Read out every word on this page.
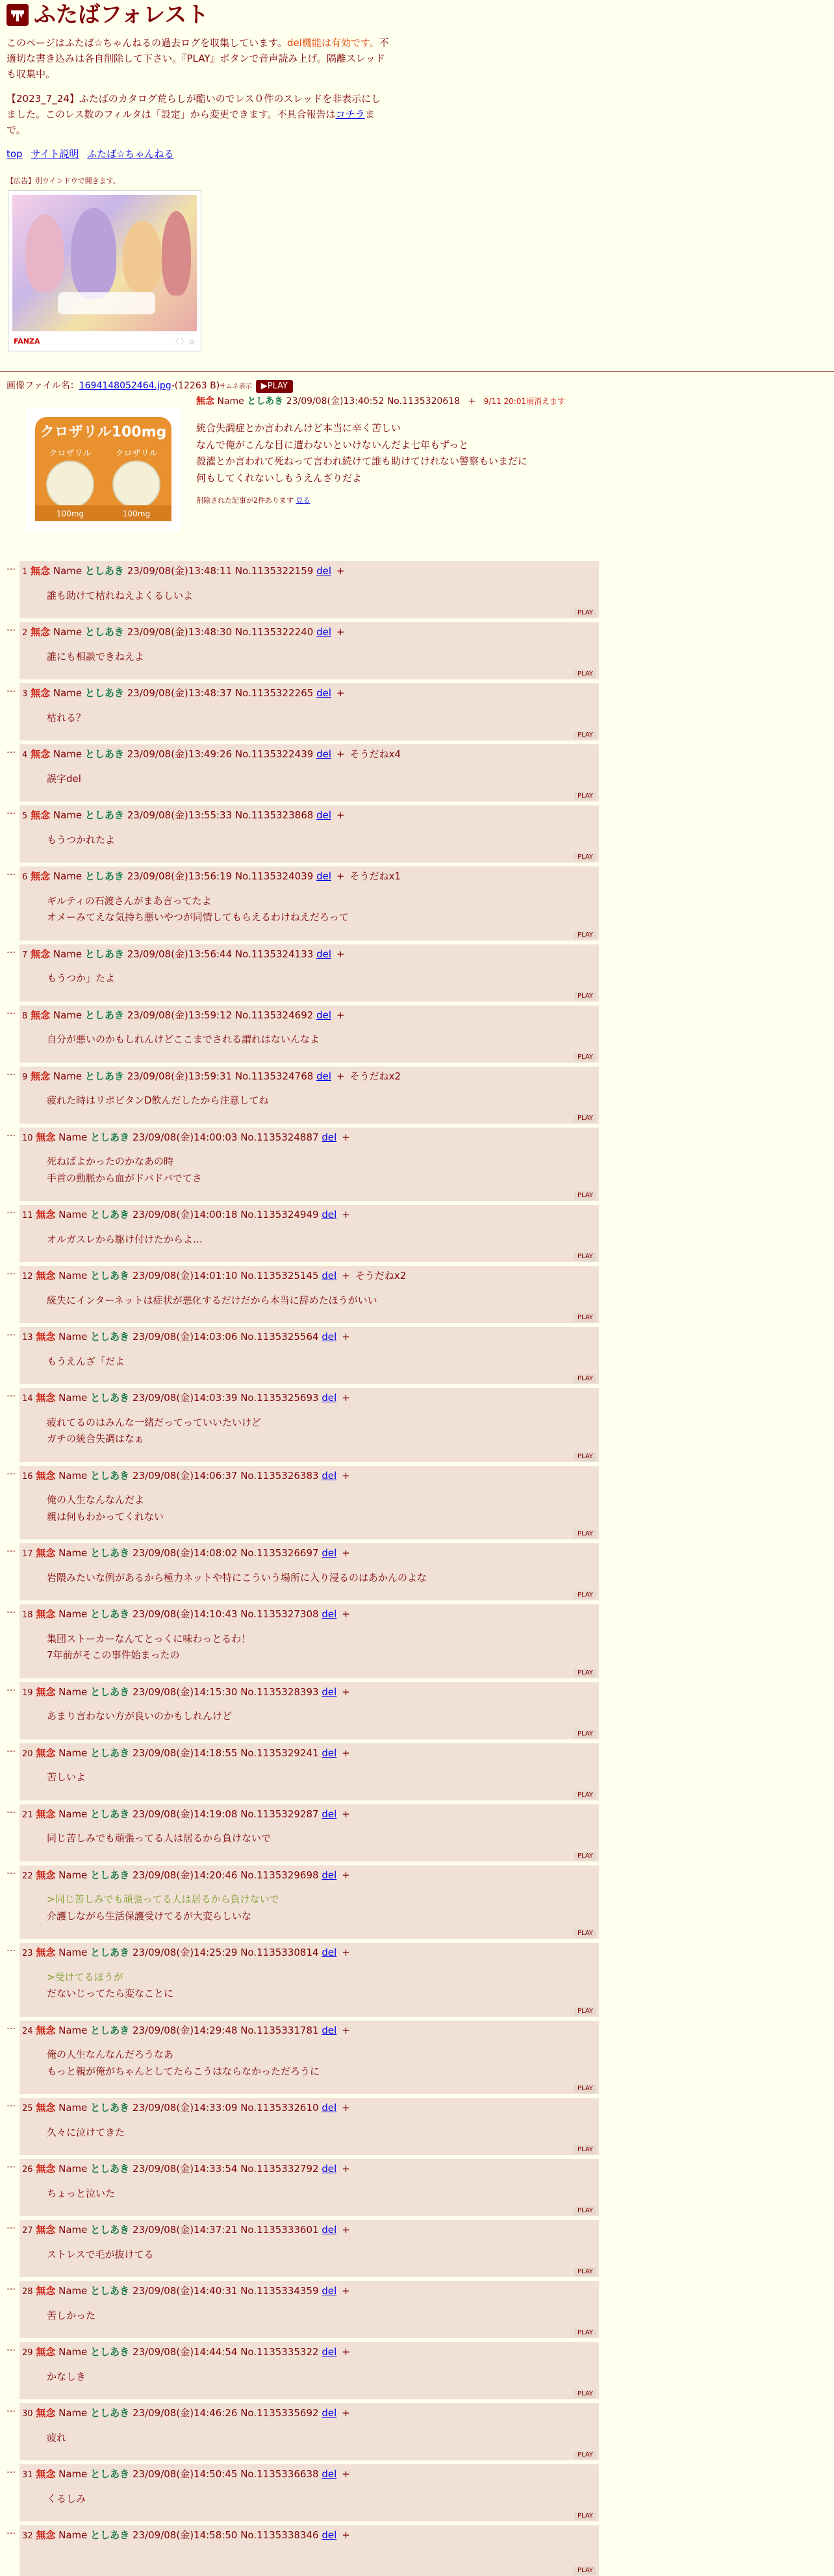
ふたばフォレスト
このページはふたば☆ちゃんねるの過去ログを収集しています。del機能は有効です。不適切な書き込みは各自削除して下さい。『PLAY』ボタンで音声読み上げ。隔離スレッドも収集中。
【2023_7_24】ふたばのカタログ荒らしが酷いのでレス０件のスレッドを非表示にしました。このレス数のフィルタは「設定」から変更できます。不具合報告はコチラまで。
top サイト説明 ふたば☆ちゃんねる
【広告】別ウインドウで開きます。
FANZA	〈 〉 ◇
画像ファイル名：1694148052464.jpg-(12263 B)サムネ表示 ▶PLAY
クロザリル100mg
クロザリル	クロザリル
100mg	100mg
無念 Name としあき 23/09/08(金)13:40:52 No.1135320618 + 9/11 20:01頃消えます
統合失調症とか言われんけど本当に辛く苦しい
なんで俺がこんな目に遭わないといけないんだよ七年もずっと
殺濯とか言われて死ねって言われ続けて誰も助けてけれない警察もいまだに
何もしてくれないしもうえんざりだよ
削除された記事が2件あります 見る
… 1 無念 Name としあき 23/09/08(金)13:48:11 No.1135322159 del +
誰も助けて枯れねえよくるしいよ
PLAY
… 2 無念 Name としあき 23/09/08(金)13:48:30 No.1135322240 del +
誰にも相談できねえよ
PLAY
… 3 無念 Name としあき 23/09/08(金)13:48:37 No.1135322265 del +
枯れる？
PLAY
… 4 無念 Name としあき 23/09/08(金)13:49:26 No.1135322439 del + そうだねx4
誤字del
PLAY
… 5 無念 Name としあき 23/09/08(金)13:55:33 No.1135323868 del +
もうつかれたよ
PLAY
… 6 無念 Name としあき 23/09/08(金)13:56:19 No.1135324039 del + そうだねx1
ギルティの石渡さんがまあ言ってたよ
オメーみてえな気持ち悪いやつが同情してもらえるわけねえだろって
PLAY
… 7 無念 Name としあき 23/09/08(金)13:56:44 No.1135324133 del +
もうつか」たよ
PLAY
… 8 無念 Name としあき 23/09/08(金)13:59:12 No.1135324692 del +
自分が悪いのかもしれんけどここまでされる謂れはないんなよ
PLAY
… 9 無念 Name としあき 23/09/08(金)13:59:31 No.1135324768 del + そうだねx2
疲れた時はリポビタンD飲んだしたから注意してね
PLAY
… 10 無念 Name としあき 23/09/08(金)14:00:03 No.1135324887 del +
死ねばよかったのかなあの時
手首の動脈から血がドバドバでてさ
PLAY
… 11 無念 Name としあき 23/09/08(金)14:00:18 No.1135324949 del +
オルガスレから駆け付けたからよ…
PLAY
… 12 無念 Name としあき 23/09/08(金)14:01:10 No.1135325145 del + そうだねx2
統失にインターネットは症状が悪化するだけだから本当に辞めたほうがいい
PLAY
… 13 無念 Name としあき 23/09/08(金)14:03:06 No.1135325564 del +
もうえんざ「だよ
PLAY
… 14 無念 Name としあき 23/09/08(金)14:03:39 No.1135325693 del +
疲れてるのはみんな一緒だってっていいたいけど
ガチの統合失調はなぁ
PLAY
… 16 無念 Name としあき 23/09/08(金)14:06:37 No.1135326383 del +
俺の人生なんなんだよ
親は何もわかってくれない
PLAY
… 17 無念 Name としあき 23/09/08(金)14:08:02 No.1135326697 del +
岩隈みたいな例があるから極力ネットや特にこういう場所に入り浸るのはあかんのよな
PLAY
… 18 無念 Name としあき 23/09/08(金)14:10:43 No.1135327308 del +
集団ストーカーなんてとっくに味わっとるわ！
7年前がそこの事件始まったの
PLAY
… 19 無念 Name としあき 23/09/08(金)14:15:30 No.1135328393 del +
あまり言わない方が良いのかもしれんけど
PLAY
… 20 無念 Name としあき 23/09/08(金)14:18:55 No.1135329241 del +
苦しいよ
PLAY
… 21 無念 Name としあき 23/09/08(金)14:19:08 No.1135329287 del +
同じ苦しみでも頑張ってる人は居るから負けないで
PLAY
… 22 無念 Name としあき 23/09/08(金)14:20:46 No.1135329698 del +
>同じ苦しみでも頑張ってる人は居るから負けないで
介護しながら生活保護受けてるが大変らしいな
PLAY
… 23 無念 Name としあき 23/09/08(金)14:25:29 No.1135330814 del +
>受けてるほうが
だないじってたら変なことに
PLAY
… 24 無念 Name としあき 23/09/08(金)14:29:48 No.1135331781 del +
俺の人生なんなんだろうなあ
もっと親が俺がちゃんとしてたらこうはならなかっただろうに
PLAY
… 25 無念 Name としあき 23/09/08(金)14:33:09 No.1135332610 del +
久々に泣けてきた
PLAY
… 26 無念 Name としあき 23/09/08(金)14:33:54 No.1135332792 del +
ちょっと泣いた
PLAY
… 27 無念 Name としあき 23/09/08(金)14:37:21 No.1135333601 del +
ストレスで毛が抜けてる
PLAY
… 28 無念 Name としあき 23/09/08(金)14:40:31 No.1135334359 del +
苦しかった
PLAY
… 29 無念 Name としあき 23/09/08(金)14:44:54 No.1135335322 del +
かなしき
PLAY
… 30 無念 Name としあき 23/09/08(金)14:46:26 No.1135335692 del +
疲れ
PLAY
… 31 無念 Name としあき 23/09/08(金)14:50:45 No.1135336638 del +
くるしみ
PLAY
… 32 無念 Name としあき 23/09/08(金)14:58:50 No.1135338346 del +
PLAY
